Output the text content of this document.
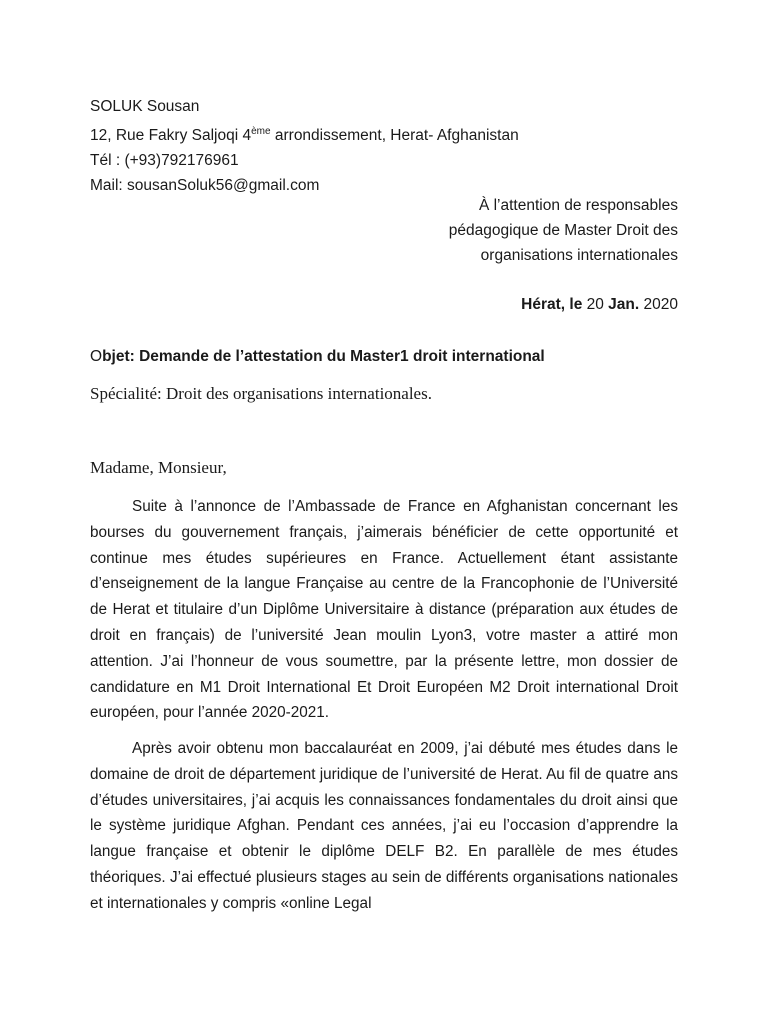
SOLUK Sousan
12, Rue Fakry Saljoqi 4ème arrondissement, Herat- Afghanistan
Tél : (+93)792176961
Mail: sousanSoluk56@gmail.com
À l’attention de responsables
pédagogique de Master Droit des
organisations internationales
Hérat, le 20 Jan. 2020
Objet: Demande de l’attestation du Master1 droit international
Spécialité: Droit des organisations internationales.
Madame, Monsieur,

Suite à l’annonce de l’Ambassade de France en Afghanistan concernant les bourses du gouvernement français, j’aimerais bénéficier de cette opportunité et continue mes études supérieures en France. Actuellement étant assistante d’enseignement de la langue Française au centre de la Francophonie de l’Université de Herat et titulaire d’un Diplôme Universitaire à distance (préparation aux études de droit en français) de l’université Jean moulin Lyon3, votre master a attiré mon attention. J’ai l’honneur de vous soumettre, par la présente lettre, mon dossier de candidature en M1 Droit International Et Droit Européen M2 Droit international Droit européen, pour l’année 2020-2021.

Après avoir obtenu mon baccalauréat en 2009, j’ai débuté mes études dans le domaine de droit de département juridique de l’université de Herat. Au fil de quatre ans d’études universitaires, j’ai acquis les connaissances fondamentales du droit ainsi que le système juridique Afghan. Pendant ces années, j’ai eu l’occasion d’apprendre la langue française et obtenir le diplôme DELF B2. En parallèle de mes études théoriques. J’ai effectué plusieurs stages au sein de différents organisations nationales et internationales y compris «online Legal
